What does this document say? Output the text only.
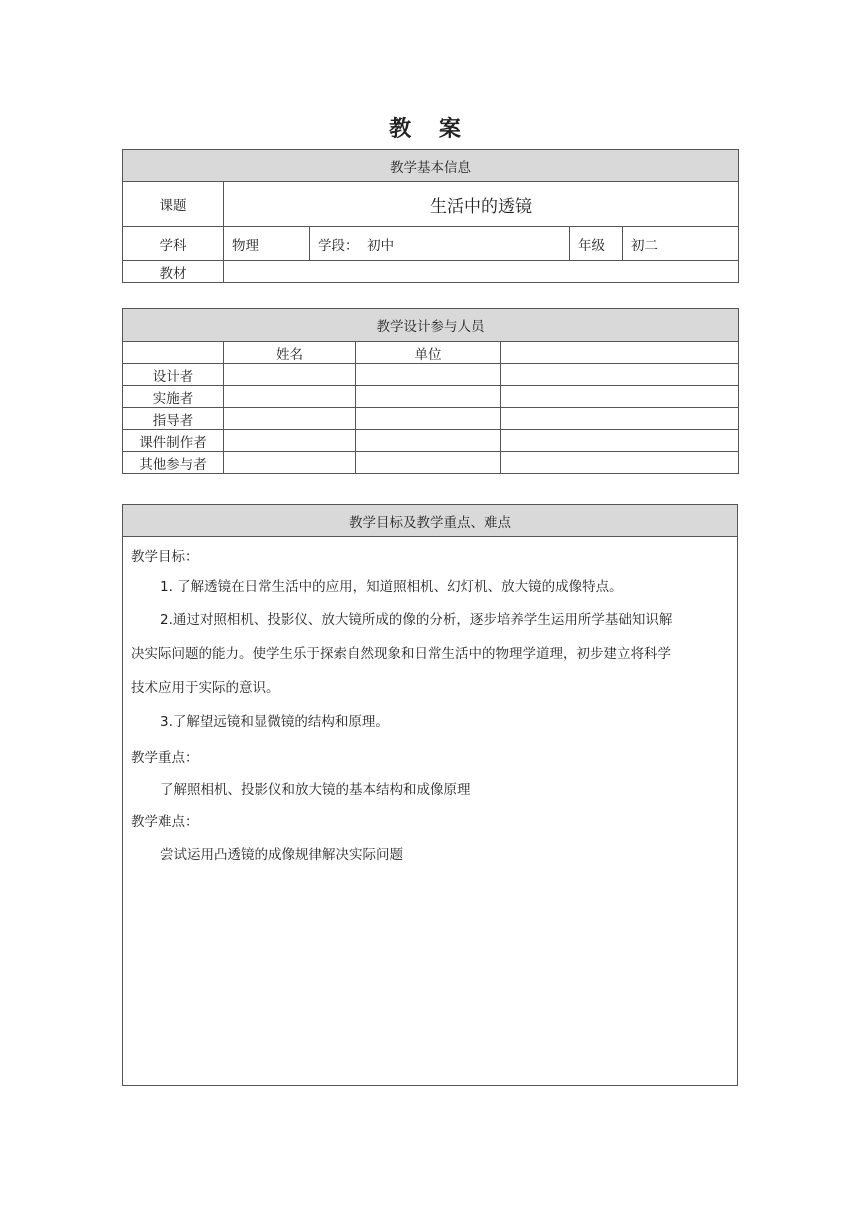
教 案
教学基本信息				
课题	生活中的透镜			
学科	物理	学段： 初中	年级	初二
教材				
教学设计参与人员			
	姓名	单位	
设计者			
实施者			
指导者			
课件制作者			
其他参与者			
教学目标及教学重点、难点

教学目标：
1. 了解透镜在日常生活中的应用，知道照相机、幻灯机、放大镜的成像特点。
2.通过对照相机、投影仪、放大镜所成的像的分析，逐步培养学生运用所学基础知识解
决实际问题的能力。使学生乐于探索自然现象和日常生活中的物理学道理，初步建立将科学
技术应用于实际的意识。
3.了解望远镜和显微镜的结构和原理。
教学重点：
了解照相机、投影仪和放大镜的基本结构和成像原理
教学难点：
尝试运用凸透镜的成像规律解决实际问题
